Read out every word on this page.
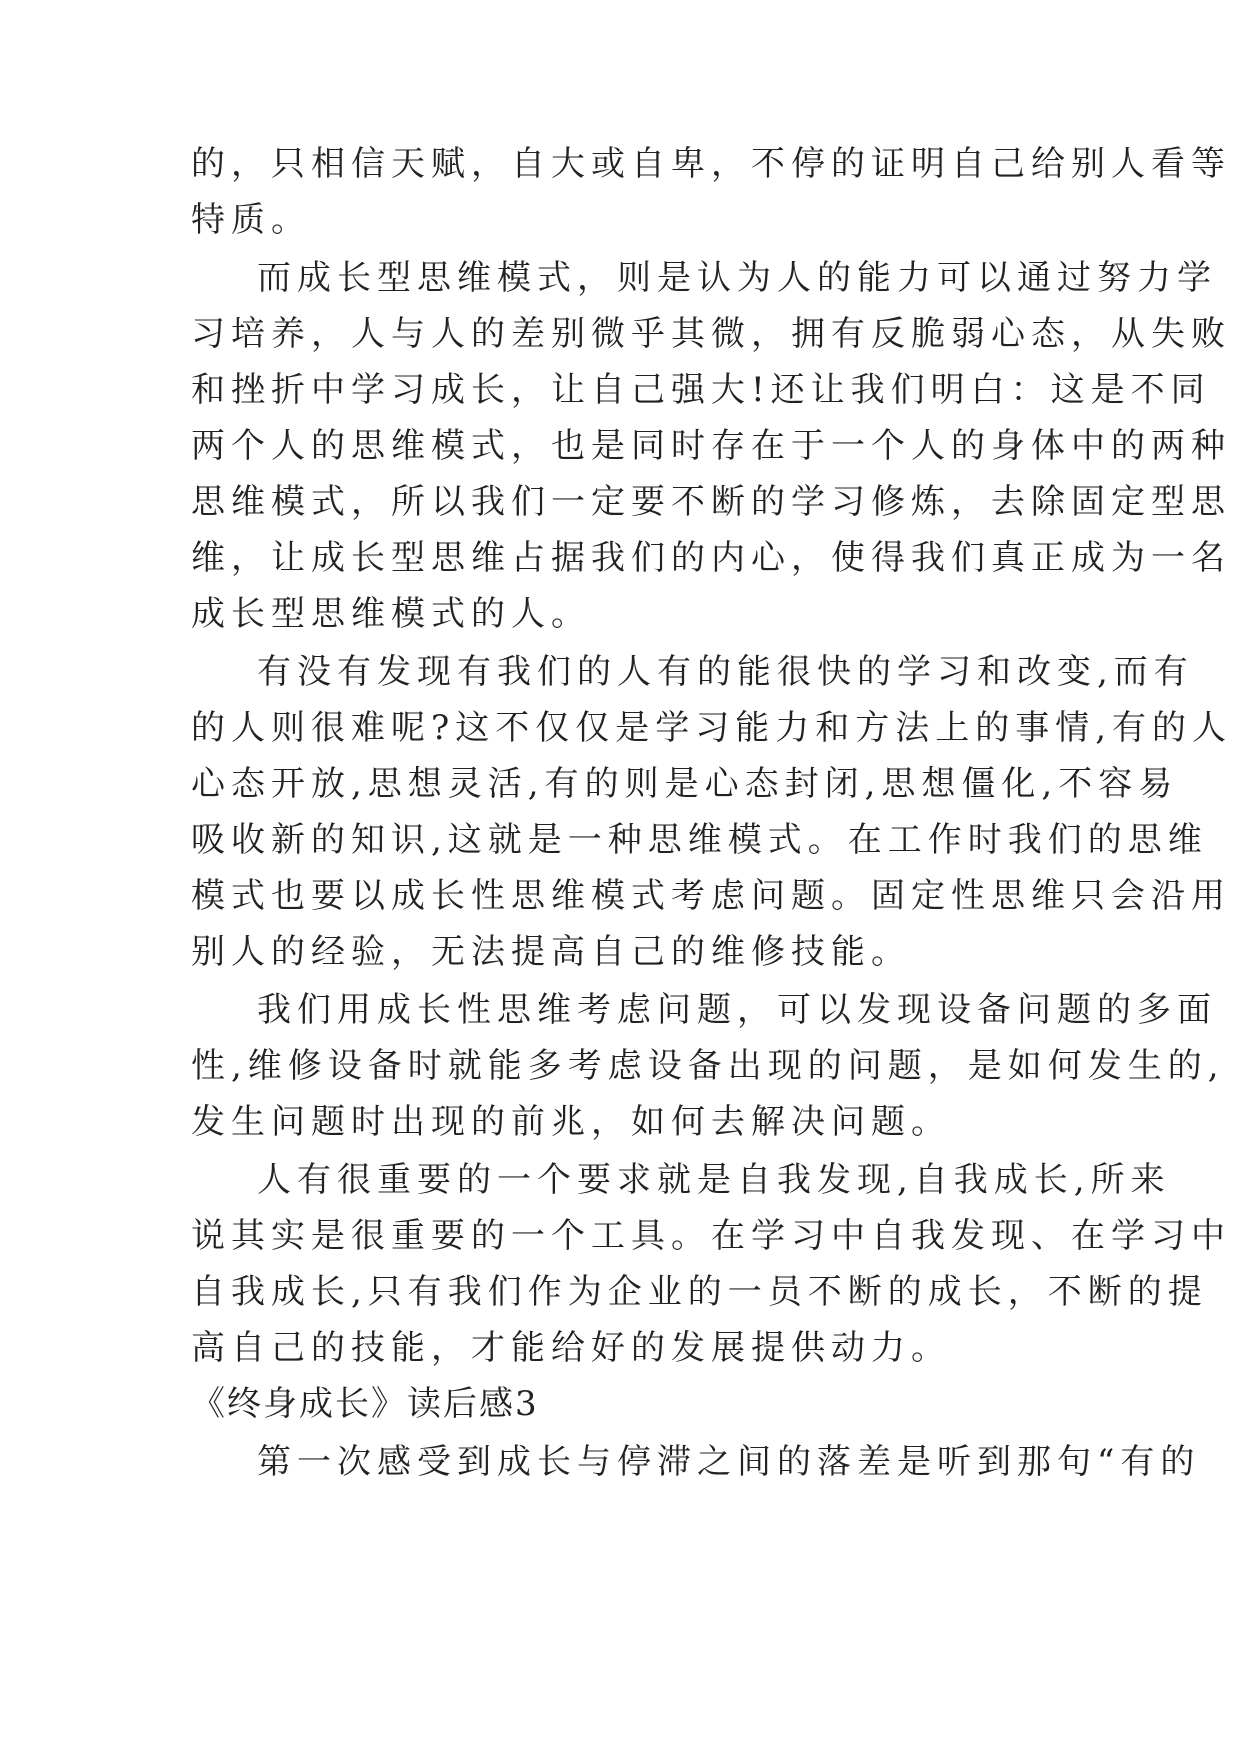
的，只相信天赋，自大或自卑，不停的证明自己给别人看等
特质。
而成长型思维模式，则是认为人的能力可以通过努力学
习培养，人与人的差别微乎其微，拥有反脆弱心态，从失败
和挫折中学习成长，让自己强大!还让我们明白：这是不同
两个人的思维模式，也是同时存在于一个人的身体中的两种
思维模式，所以我们一定要不断的学习修炼，去除固定型思
维，让成长型思维占据我们的内心，使得我们真正成为一名
成长型思维模式的人。
有没有发现有我们的人有的能很快的学习和改变,而有
的人则很难呢?这不仅仅是学习能力和方法上的事情,有的人
心态开放,思想灵活,有的则是心态封闭,思想僵化,不容易
吸收新的知识,这就是一种思维模式。在工作时我们的思维
模式也要以成长性思维模式考虑问题。固定性思维只会沿用
别人的经验，无法提高自己的维修技能。
我们用成长性思维考虑问题，可以发现设备问题的多面
性,维修设备时就能多考虑设备出现的问题，是如何发生的,
发生问题时出现的前兆，如何去解决问题。
人有很重要的一个要求就是自我发现,自我成长,所来
说其实是很重要的一个工具。在学习中自我发现、在学习中
自我成长,只有我们作为企业的一员不断的成长，不断的提
高自己的技能，才能给好的发展提供动力。
《终身成长》读后感3
第一次感受到成长与停滞之间的落差是听到那句“有的
